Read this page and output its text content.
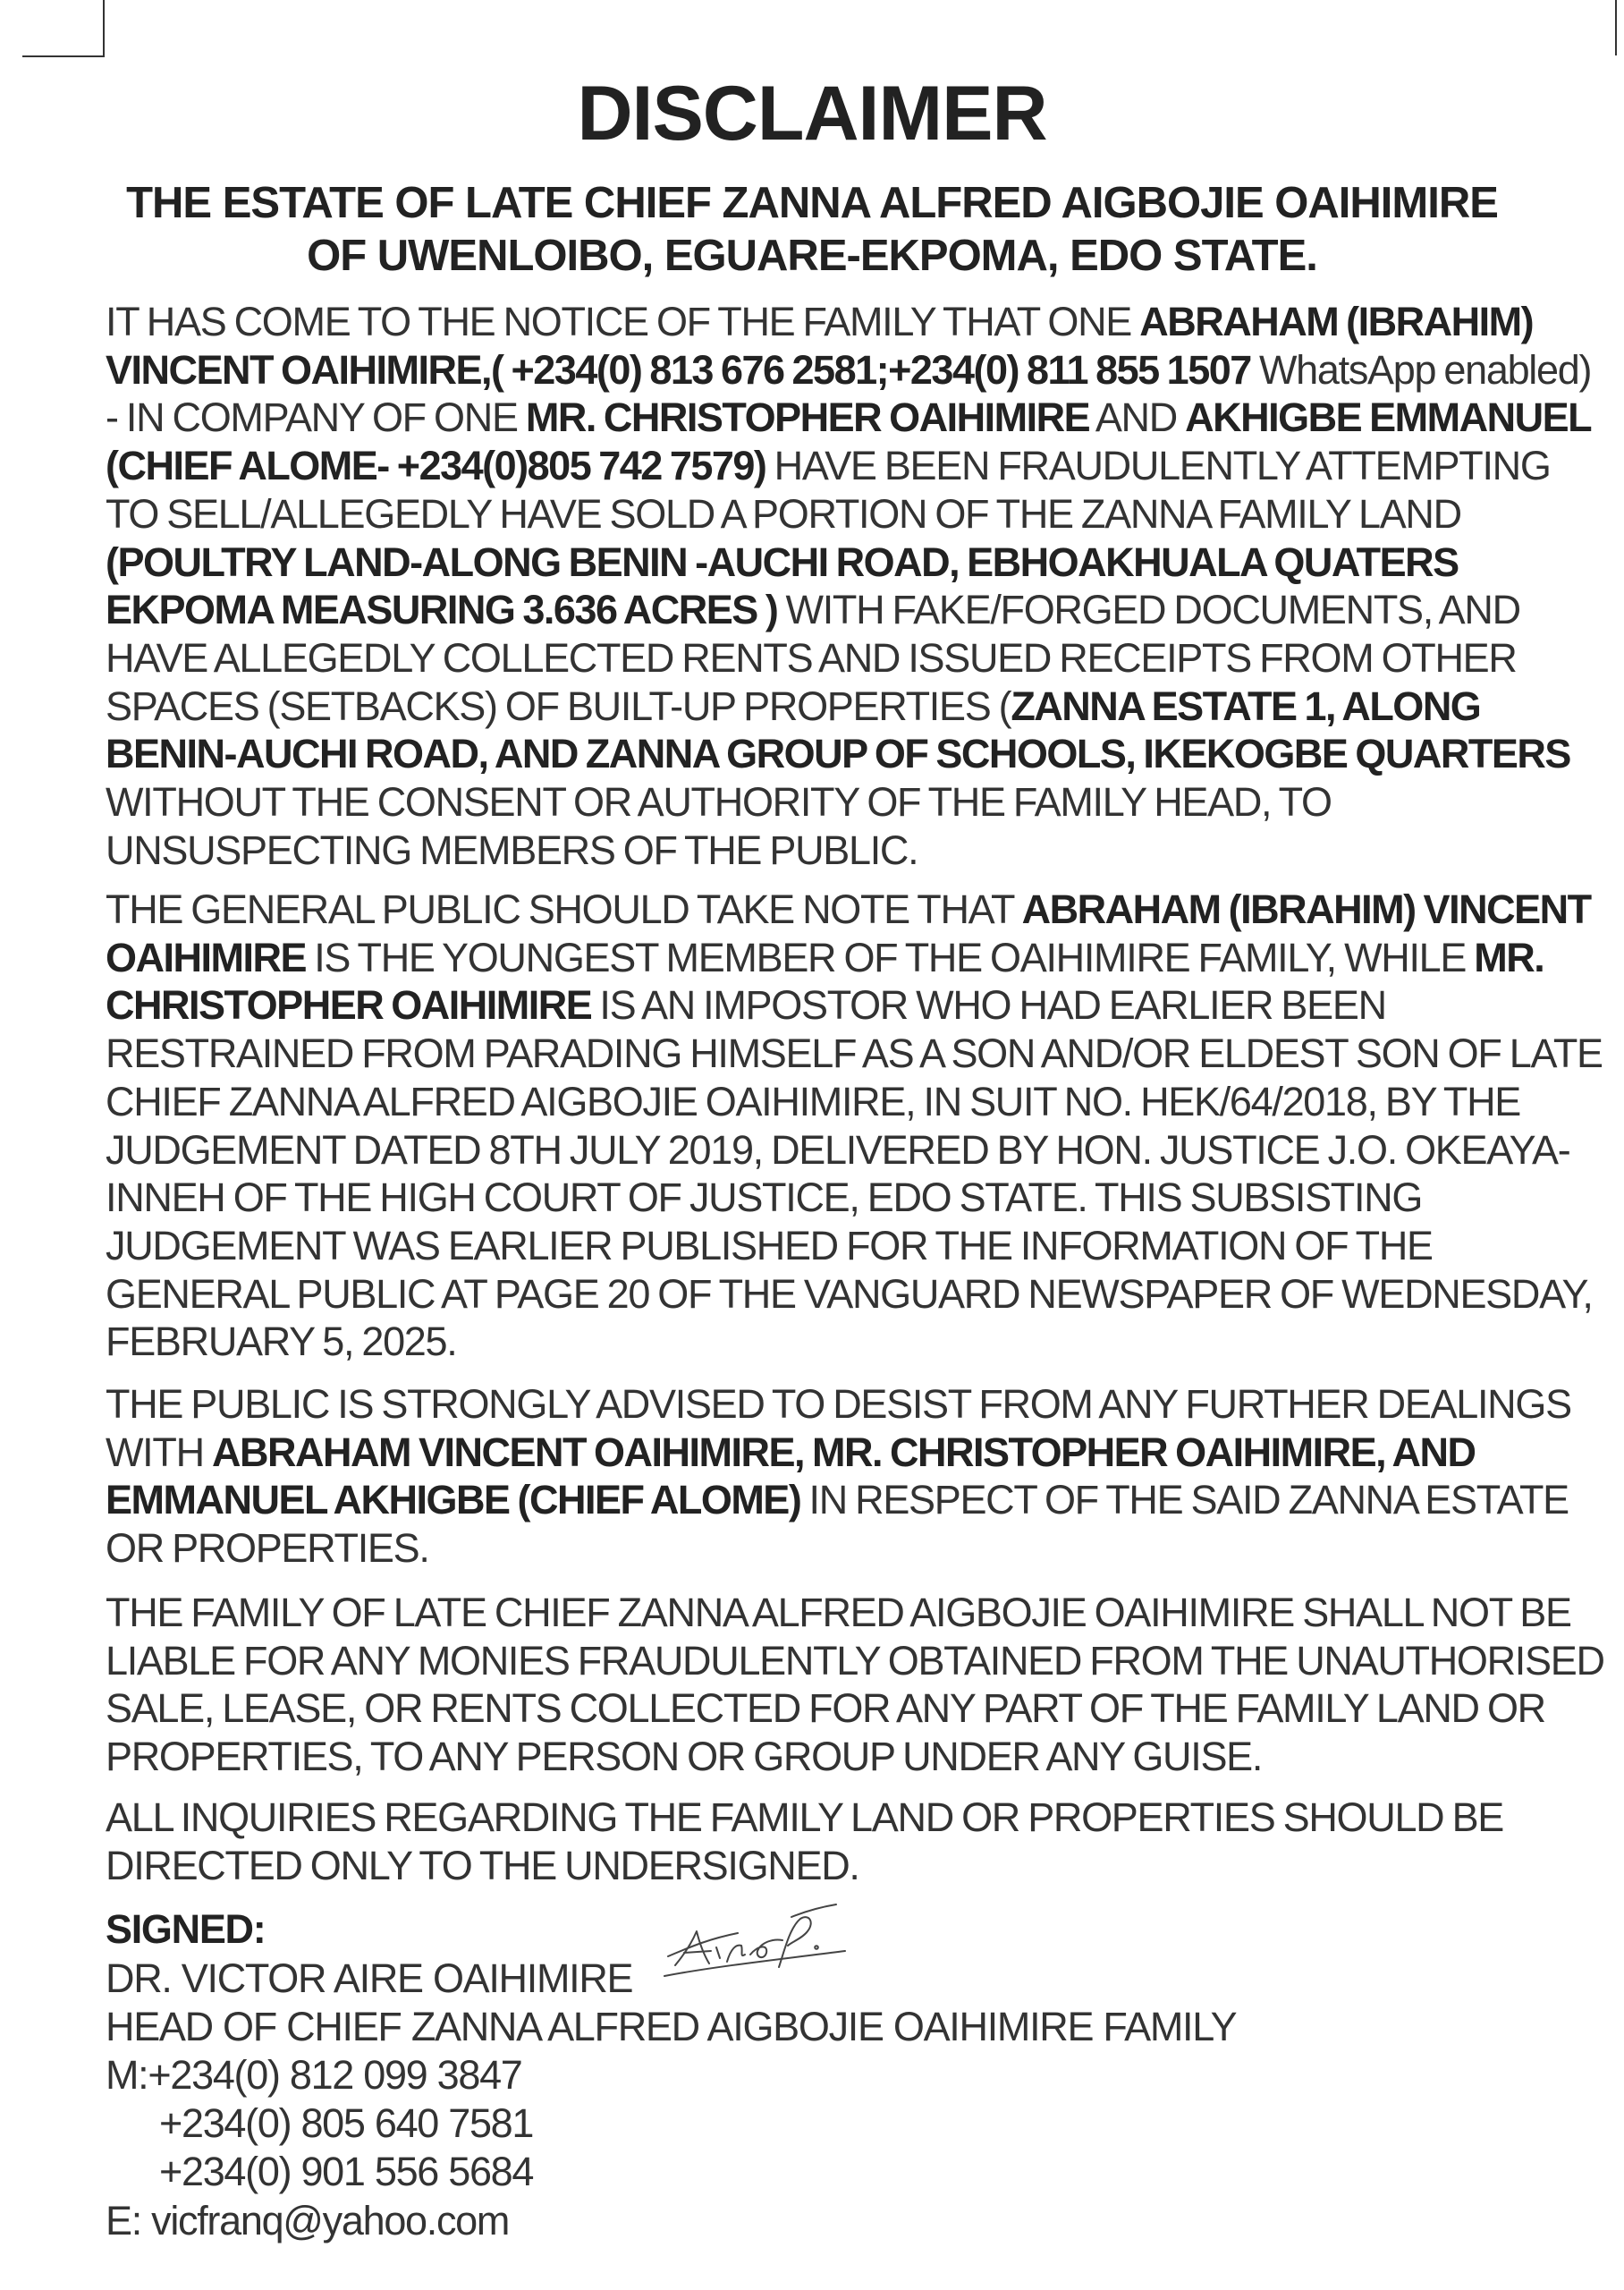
DISCLAIMER
THE ESTATE OF LATE CHIEF ZANNA ALFRED AIGBOJIE OAIHIMIRE OF UWENLOIBO, EGUARE-EKPOMA, EDO STATE.

IT HAS COME TO THE NOTICE OF THE FAMILY THAT ONE ABRAHAM (IBRAHIM) VINCENT OAIHIMIRE,( +234(0) 813 676 2581;+234(0) 811 855 1507 WhatsApp enabled) - IN COMPANY OF ONE MR. CHRISTOPHER OAIHIMIRE AND AKHIGBE EMMANUEL (CHIEF ALOME- +234(0)805 742 7579) HAVE BEEN FRAUDULENTLY ATTEMPTING TO SELL/ALLEGEDLY HAVE SOLD A PORTION OF THE ZANNA FAMILY LAND (POULTRY LAND-ALONG BENIN -AUCHI ROAD, EBHOAKHUALA QUATERS EKPOMA MEASURING 3.636 ACRES ) WITH FAKE/FORGED DOCUMENTS, AND HAVE ALLEGEDLY COLLECTED RENTS AND ISSUED RECEIPTS FROM OTHER SPACES (SETBACKS) OF BUILT-UP PROPERTIES (ZANNA ESTATE 1, ALONG BENIN-AUCHI ROAD, AND ZANNA GROUP OF SCHOOLS, IKEKOGBE QUARTERS WITHOUT THE CONSENT OR AUTHORITY OF THE FAMILY HEAD, TO UNSUSPECTING MEMBERS OF THE PUBLIC.

THE GENERAL PUBLIC SHOULD TAKE NOTE THAT ABRAHAM (IBRAHIM) VINCENT OAIHIMIRE IS THE YOUNGEST MEMBER OF THE OAIHIMIRE FAMILY, WHILE MR. CHRISTOPHER OAIHIMIRE IS AN IMPOSTOR WHO HAD EARLIER BEEN RESTRAINED FROM PARADING HIMSELF AS A SON AND/OR ELDEST SON OF LATE CHIEF ZANNA ALFRED AIGBOJIE OAIHIMIRE, IN SUIT NO. HEK/64/2018, BY THE JUDGEMENT DATED 8TH JULY 2019, DELIVERED BY HON. JUSTICE J.O. OKEAYA-INNEH OF THE HIGH COURT OF JUSTICE, EDO STATE. THIS SUBSISTING JUDGEMENT WAS EARLIER PUBLISHED FOR THE INFORMATION OF THE GENERAL PUBLIC AT PAGE 20 OF THE VANGUARD NEWSPAPER OF WEDNESDAY, FEBRUARY 5, 2025.

THE PUBLIC IS STRONGLY ADVISED TO DESIST FROM ANY FURTHER DEALINGS WITH ABRAHAM VINCENT OAIHIMIRE, MR. CHRISTOPHER OAIHIMIRE, AND EMMANUEL AKHIGBE (CHIEF ALOME) IN RESPECT OF THE SAID ZANNA ESTATE OR PROPERTIES.

THE FAMILY OF LATE CHIEF ZANNA ALFRED AIGBOJIE OAIHIMIRE SHALL NOT BE LIABLE FOR ANY MONIES FRAUDULENTLY OBTAINED FROM THE UNAUTHORISED SALE, LEASE, OR RENTS COLLECTED FOR ANY PART OF THE FAMILY LAND OR PROPERTIES, TO ANY PERSON OR GROUP UNDER ANY GUISE.

ALL INQUIRIES REGARDING THE FAMILY LAND OR PROPERTIES SHOULD BE DIRECTED ONLY TO THE UNDERSIGNED.

SIGNED:
DR. VICTOR AIRE OAIHIMIRE
HEAD OF CHIEF ZANNA ALFRED AIGBOJIE OAIHIMIRE FAMILY
M:+234(0) 812 099 3847
+234(0) 805 640 7581
+234(0) 901 556 5684
E: vicfranq@yahoo.com
